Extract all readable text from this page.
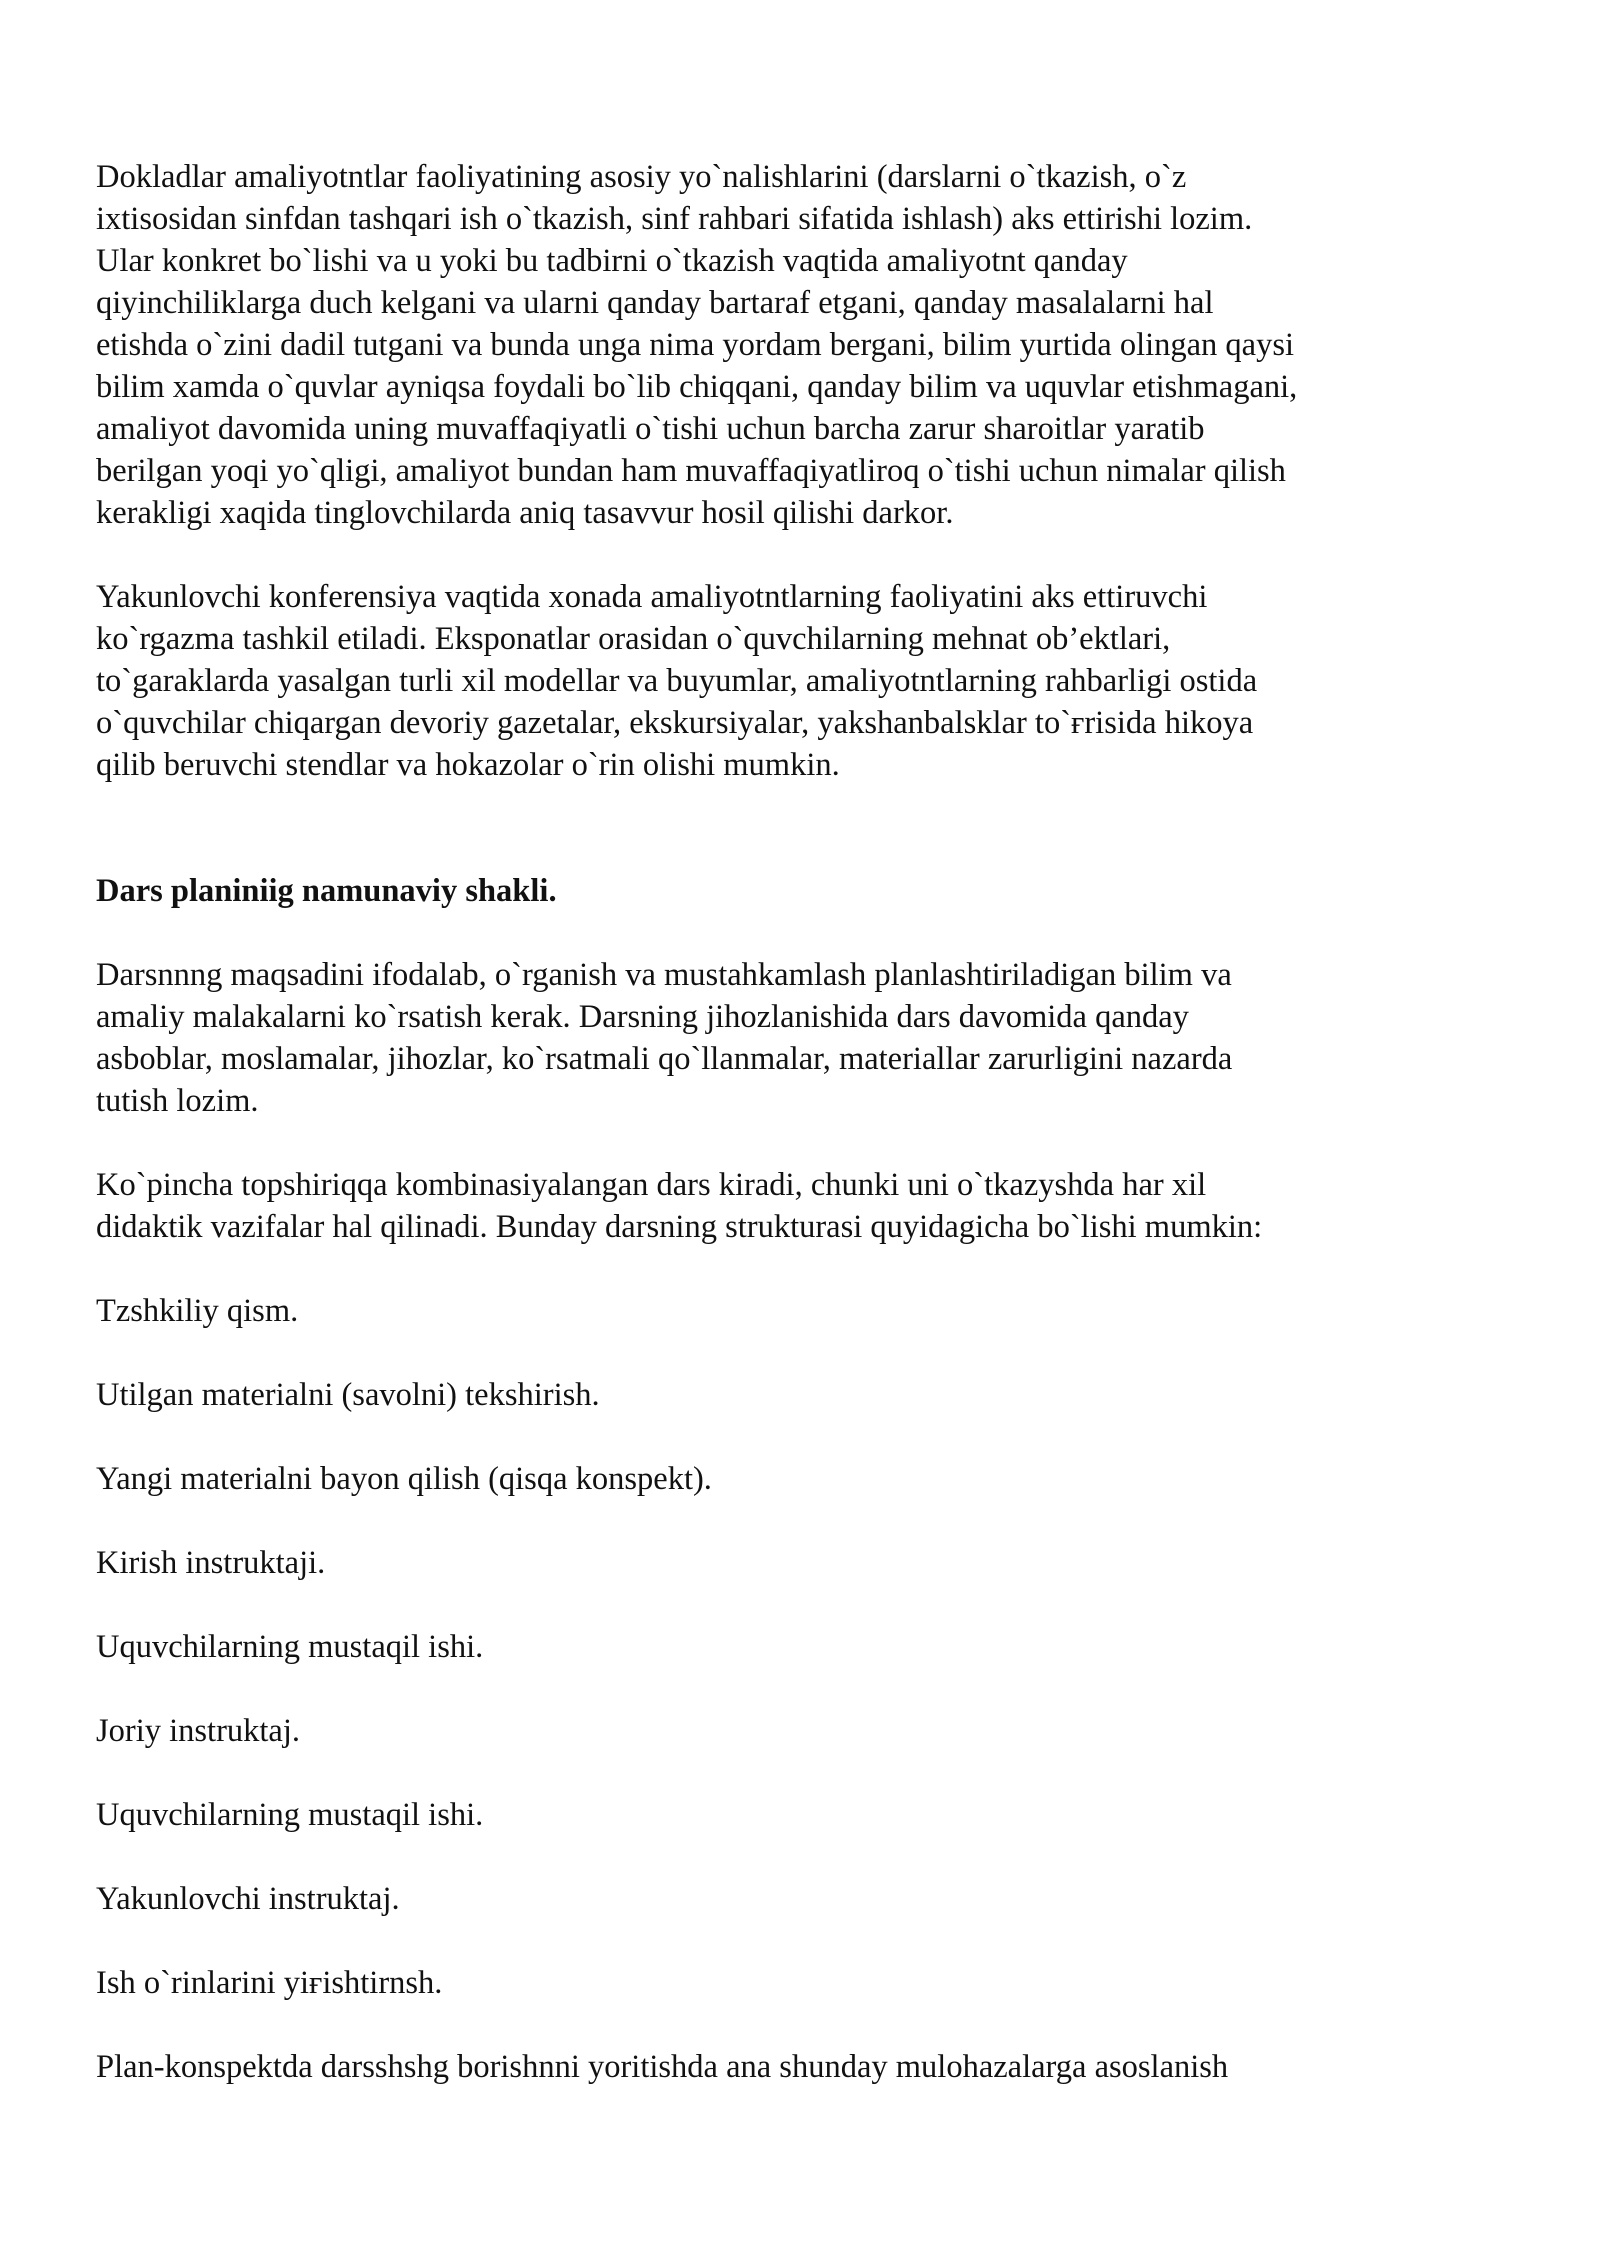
Dokladlar amaliyotntlar faoliyatining asosiy yo`nalishlarini (darslarni o`tkazish, o`z
ixtisosidan sinfdan tashqari ish o`tkazish, sinf rahbari sifatida ishlash) aks ettirishi lozim.
Ular konkret bo`lishi va u yoki bu tadbirni o`tkazish vaqtida amaliyotnt qanday
qiyinchiliklarga duch kelgani va ularni qanday bartaraf etgani, qanday masalalarni hal
etishda o`zini dadil tutgani va bunda unga nima yordam bergani, bilim yurtida olingan qaysi
bilim xamda o`quvlar ayniqsa foydali bo`lib chiqqani, qanday bilim va uquvlar etishmagani,
amaliyot davomida uning muvaffaqiyatli o`tishi uchun barcha zarur sharoitlar yaratib
berilgan yoqi yo`qligi, amaliyot bundan ham muvaffaqiyatliroq o`tishi uchun nimalar qilish
kerakligi xaqida tinglovchilarda aniq tasavvur hosil qilishi darkor.

Yakunlovchi konferensiya vaqtida xonada amaliyotntlarning faoliyatini aks ettiruvchi
ko`rgazma tashkil etiladi. Eksponatlar orasidan o`quvchilarning mehnat ob’ektlari,
to`garaklarda yasalgan turli xil modellar va buyumlar, amaliyotntlarning rahbarligi ostida
o`quvchilar chiqargan devoriy gazetalar, ekskursiyalar, yakshanbalsklar to`ғrisida hikoya
qilib beruvchi stendlar va hokazolar o`rin olishi mumkin.

Dars planiniig namunaviy shakli.

Darsnnng maqsadini ifodalab, o`rganish va mustahkamlash planlashtiriladigan bilim va
amaliy malakalarni ko`rsatish kerak. Darsning jihozlanishida dars davomida qanday
asboblar, moslamalar, jihozlar, ko`rsatmali qo`llanmalar, materiallar zarurligini nazarda
tutish lozim.

Ko`pincha topshiriqqa kombinasiyalangan dars kiradi, chunki uni o`tkazyshda har xil
didaktik vazifalar hal qilinadi. Bunday darsning strukturasi quyidagicha bo`lishi mumkin:

Tzshkiliy qism.

Utilgan materialni (savolni) tekshirish.

Yangi materialni bayon qilish (qisqa konspekt).

Kirish instruktaji.

Uquvchilarning mustaqil ishi.

Joriy instruktaj.

Uquvchilarning mustaqil ishi.

Yakunlovchi instruktaj.

Ish o`rinlarini yiғishtirnsh.

Plan-konspektda darsshshg borishnni yoritishda ana shunday mulohazalarga asoslanish
